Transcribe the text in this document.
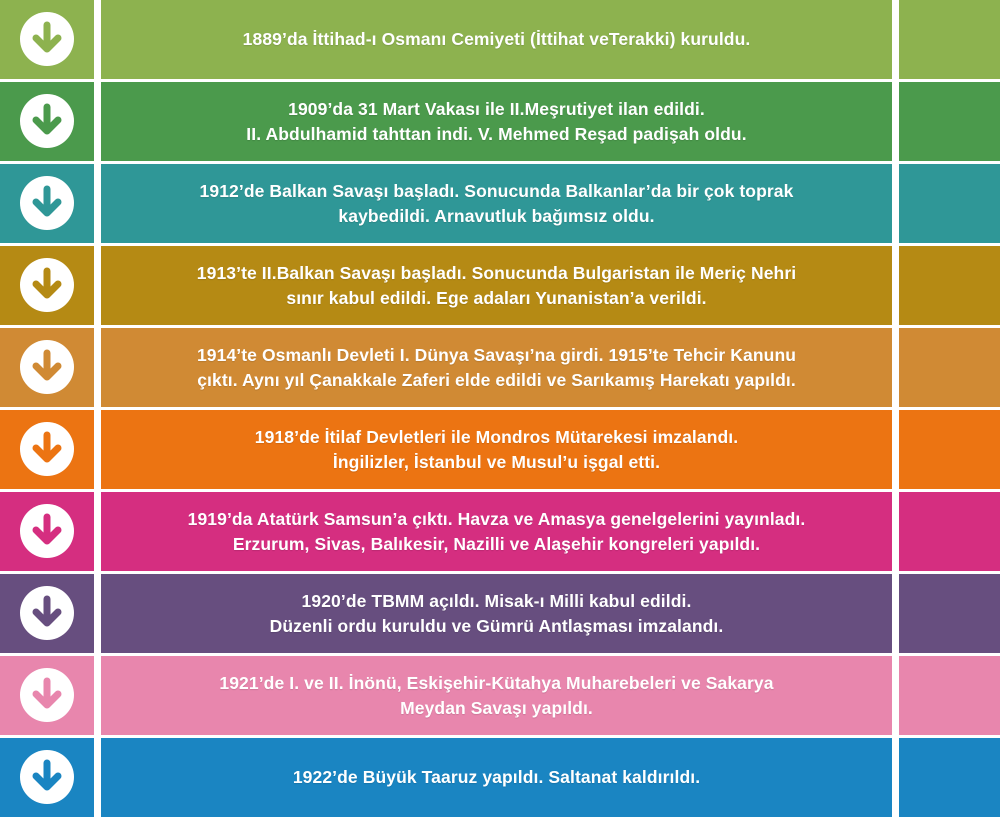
1889’da İttihad-ı Osmanı Cemiyeti (İttihat veTerakki) kuruldu.
1909’da 31 Mart Vakası ile II.Meşrutiyet ilan edildi.
II. Abdulhamid tahttan indi. V. Mehmed Reşad padişah oldu.
1912’de Balkan Savaşı başladı. Sonucunda Balkanlar’da bir çok toprak
kaybedildi. Arnavutluk bağımsız oldu.
1913’te II.Balkan Savaşı başladı. Sonucunda Bulgaristan ile Meriç Nehri
sınır kabul edildi. Ege adaları Yunanistan’a verildi.
1914’te Osmanlı Devleti I. Dünya Savaşı’na girdi. 1915’te Tehcir Kanunu
çıktı. Aynı yıl Çanakkale Zaferi elde edildi ve Sarıkamış Harekatı yapıldı.
1918’de İtilaf Devletleri ile Mondros Mütarekesi imzalandı.
İngilizler, İstanbul ve Musul’u işgal etti.
1919’da Atatürk Samsun’a çıktı. Havza ve Amasya genelgelerini yayınladı.
Erzurum, Sivas, Balıkesir, Nazilli ve Alaşehir kongreleri yapıldı.
1920’de TBMM açıldı. Misak-ı Milli kabul edildi.
Düzenli ordu kuruldu ve Gümrü Antlaşması imzalandı.
1921’de I. ve II. İnönü, Eskişehir-Kütahya Muharebeleri ve Sakarya
Meydan Savaşı yapıldı.
1922’de Büyük Taaruz yapıldı. Saltanat kaldırıldı.
